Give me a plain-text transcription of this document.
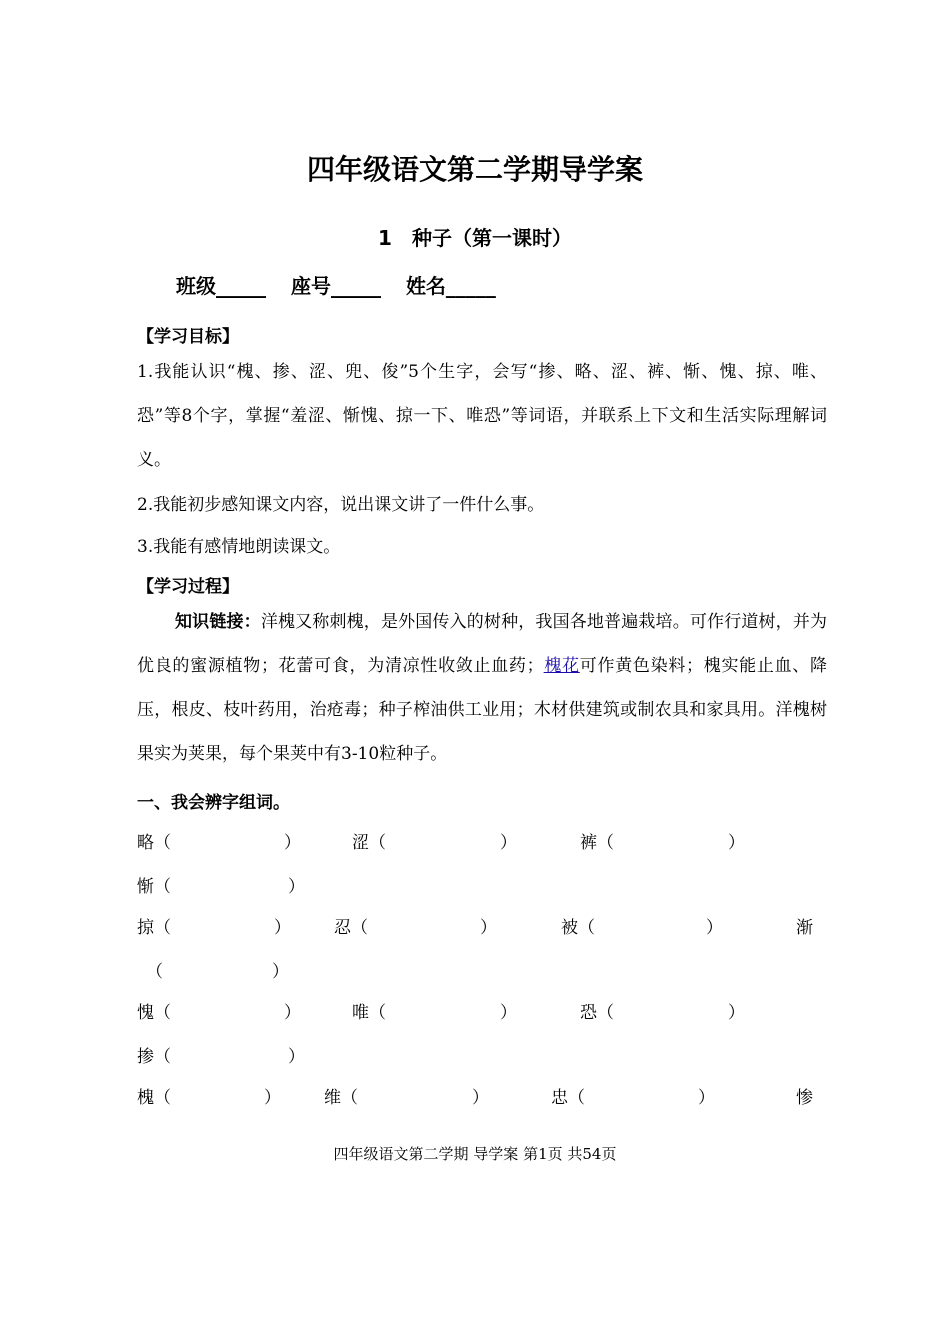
四年级语文第二学期导学案
1　种子（第一课时）
班级_____ 座号_____ 姓名_____
【学习目标】
1.我能认识“槐、掺、涩、兜、俊”5个生字，会写“掺、略、涩、裤、惭、愧、掠、唯、恐”等8个字，掌握“羞涩、惭愧、掠一下、唯恐”等词语，并联系上下文和生活实际理解词义。
2.我能初步感知课文内容，说出课文讲了一件什么事。
3.我能有感情地朗读课文。
【学习过程】
知识链接：洋槐又称刺槐，是外国传入的树种，我国各地普遍栽培。可作行道树，并为优良的蜜源植物；花蕾可食，为清凉性收敛止血药；槐花可作黄色染料；槐实能止血、降压，根皮、枝叶药用，治疮毒；种子榨油供工业用；木材供建筑或制农具和家具用。洋槐树果实为荚果，每个果荚中有3-10粒种子。
一、我会辨字组词。
略（	）	涩（	）	裤（	）
惭（	）
掠（	）	忍（	）	被（	）	渐
（	）
愧（	）	唯（	）	恐（	）
掺（	）
槐（	）	维（	）	忠（	）	惨
四年级语文第二学期 导学案 第1页 共54页
